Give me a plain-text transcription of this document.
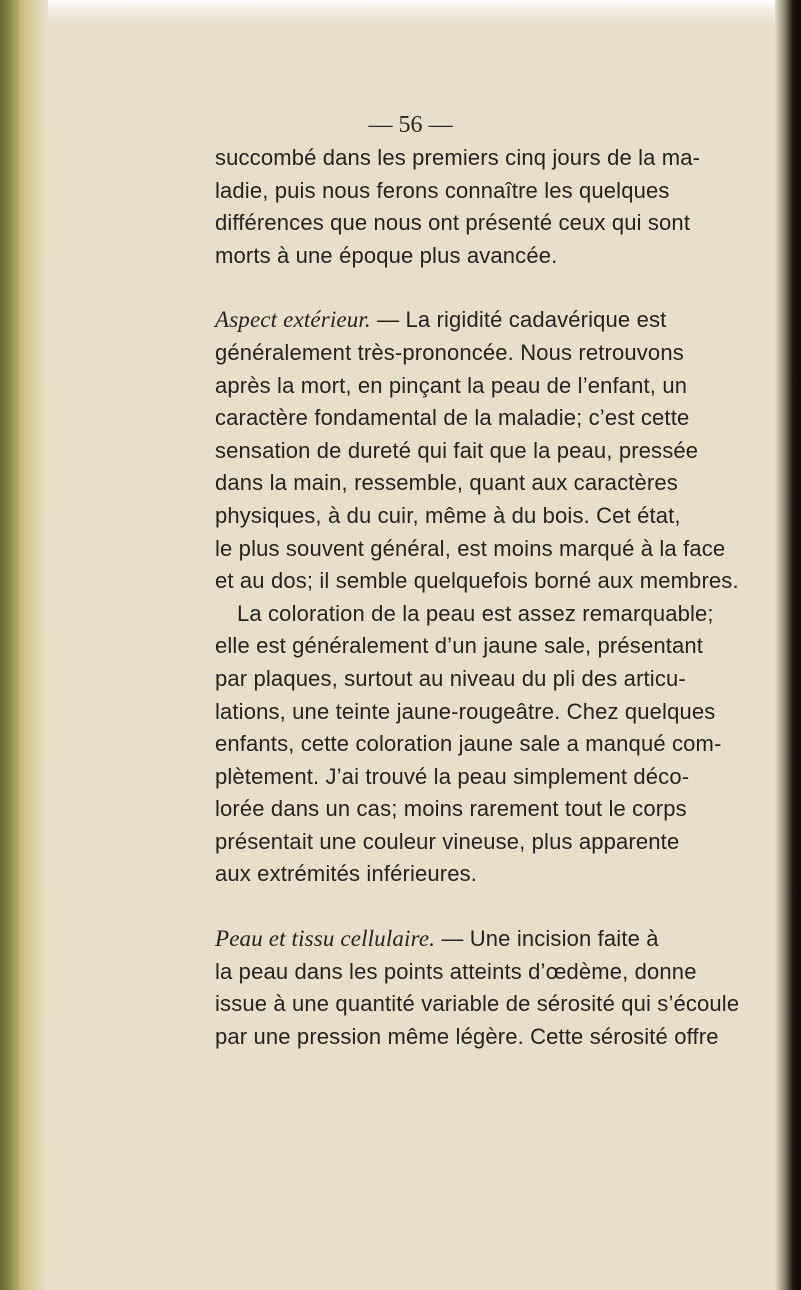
— 56 —

succombé dans les premiers cinq jours de la ma-
ladie, puis nous ferons connaître les quelques
différences que nous ont présenté ceux qui sont
morts à une époque plus avancée.

Aspect extérieur. — La rigidité cadavérique est
généralement très-prononcée. Nous retrouvons
après la mort, en pinçant la peau de l’enfant, un
caractère fondamental de la maladie; c’est cette
sensation de dureté qui fait que la peau, pressée
dans la main, ressemble, quant aux caractères
physiques, à du cuir, même à du bois. Cet état,
le plus souvent général, est moins marqué à la face
et au dos; il semble quelquefois borné aux membres.

La coloration de la peau est assez remarquable;
elle est généralement d’un jaune sale, présentant
par plaques, surtout au niveau du pli des articu-
lations, une teinte jaune-rougeâtre. Chez quelques
enfants, cette coloration jaune sale a manqué com-
plètement. J’ai trouvé la peau simplement déco-
lorée dans un cas; moins rarement tout le corps
présentait une couleur vineuse, plus apparente
aux extrémités inférieures.

Peau et tissu cellulaire. — Une incision faite à
la peau dans les points atteints d’œdème, donne
issue à une quantité variable de sérosité qui s’écoule
par une pression même légère. Cette sérosité offre
